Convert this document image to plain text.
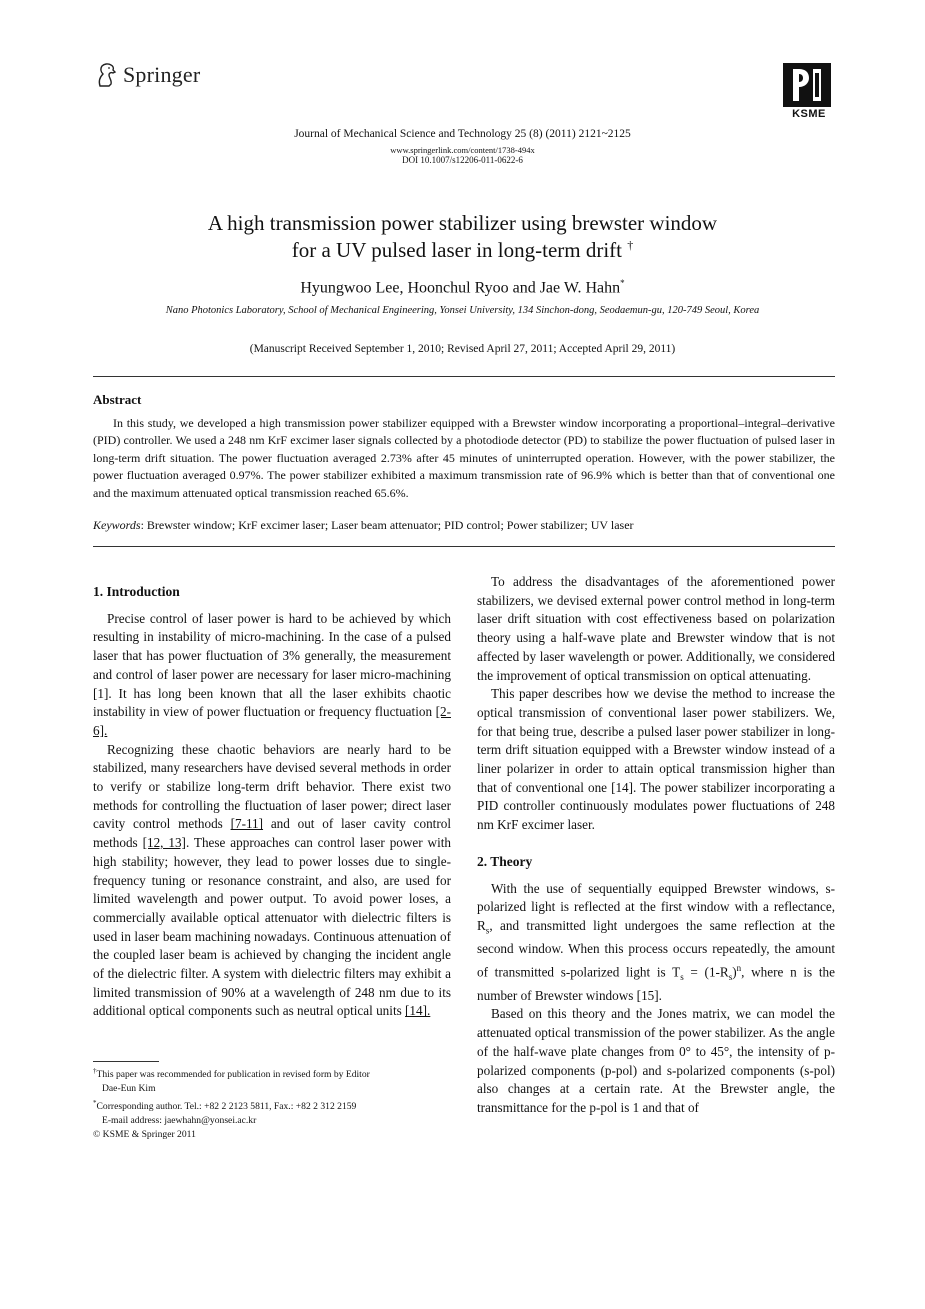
Springer
KSME
Journal of Mechanical Science and Technology 25 (8) (2011) 2121~2125
www.springerlink.com/content/1738-494x
DOI 10.1007/s12206-011-0622-6
A high transmission power stabilizer using brewster window
for a UV pulsed laser in long-term drift †
Hyungwoo Lee, Hoonchul Ryoo and Jae W. Hahn*
Nano Photonics Laboratory, School of Mechanical Engineering, Yonsei University, 134 Sinchon-dong, Seodaemun-gu, 120-749 Seoul, Korea
(Manuscript Received September 1, 2010; Revised April 27, 2011; Accepted April 29, 2011)
Abstract
In this study, we developed a high transmission power stabilizer equipped with a Brewster window incorporating a proportional–integral–derivative (PID) controller. We used a 248 nm KrF excimer laser signals collected by a photodiode detector (PD) to stabilize the power fluctuation of pulsed laser in long-term drift situation. The power fluctuation averaged 2.73% after 45 minutes of uninterrupted operation. However, with the power stabilizer, the power fluctuation averaged 0.97%. The power stabilizer exhibited a maximum transmission rate of 96.9% which is better than that of conventional one and the maximum attenuated optical transmission reached 65.6%.
Keywords: Brewster window; KrF excimer laser; Laser beam attenuator; PID control; Power stabilizer; UV laser
1. Introduction

Precise control of laser power is hard to be achieved by which resulting in instability of micro-machining. In the case of a pulsed laser that has power fluctuation of 3% generally, the measurement and control of laser power are necessary for laser micro-machining [1]. It has long been known that all the laser exhibits chaotic instability in view of power fluctuation or frequency fluctuation [2-6].

Recognizing these chaotic behaviors are nearly hard to be stabilized, many researchers have devised several methods in order to verify or stabilize long-term drift behavior. There exist two methods for controlling the fluctuation of laser power; direct laser cavity control methods [7-11] and out of laser cavity control methods [12, 13]. These approaches can control laser power with high stability; however, they lead to power losses due to single-frequency tuning or resonance constraint, and also, are used for limited wavelength and power output. To avoid power loses, a commercially available optical attenuator with dielectric filters is used in laser beam machining nowadays. Continuous attenuation of the coupled laser beam is achieved by changing the incident angle of the dielectric filter. A system with dielectric filters may exhibit a limited transmission of 90% at a wavelength of 248 nm due to its additional optical components such as neutral optical units [14].

†This paper was recommended for publication in revised form by Editor
Dae-Eun Kim
*Corresponding author. Tel.: +82 2 2123 5811, Fax.: +82 2 312 2159
E-mail address: jaewhahn@yonsei.ac.kr
© KSME & Springer 2011

To address the disadvantages of the aforementioned power stabilizers, we devised external power control method in long-term laser drift situation with cost effectiveness based on polarization theory using a half-wave plate and Brewster window that is not affected by laser wavelength or power. Additionally, we considered the improvement of optical transmission on optical attenuating.

This paper describes how we devise the method to increase the optical transmission of conventional laser power stabilizers. We, for that being true, describe a pulsed laser power stabilizer in long-term drift situation equipped with a Brewster window instead of a liner polarizer in order to attain optical transmission higher than that of conventional one [14]. The power stabilizer incorporating a PID controller continuously modulates power fluctuations of 248 nm KrF excimer laser.

2. Theory

With the use of sequentially equipped Brewster windows, s-polarized light is reflected at the first window with a reflectance, $R_s$, and transmitted light undergoes the same reflection at the second window. When this process occurs repeatedly, the amount of transmitted s-polarized light is $T_s = (1-R_s)^n$, where n is the number of Brewster windows [15].

Based on this theory and the Jones matrix, we can model the attenuated optical transmission of the power stabilizer. As the angle of the half-wave plate changes from 0° to 45°, the intensity of p-polarized components (p-pol) and s-polarized components (s-pol) also changes at a certain rate. At the Brewster angle, the transmittance for the p-pol is 1 and that of
